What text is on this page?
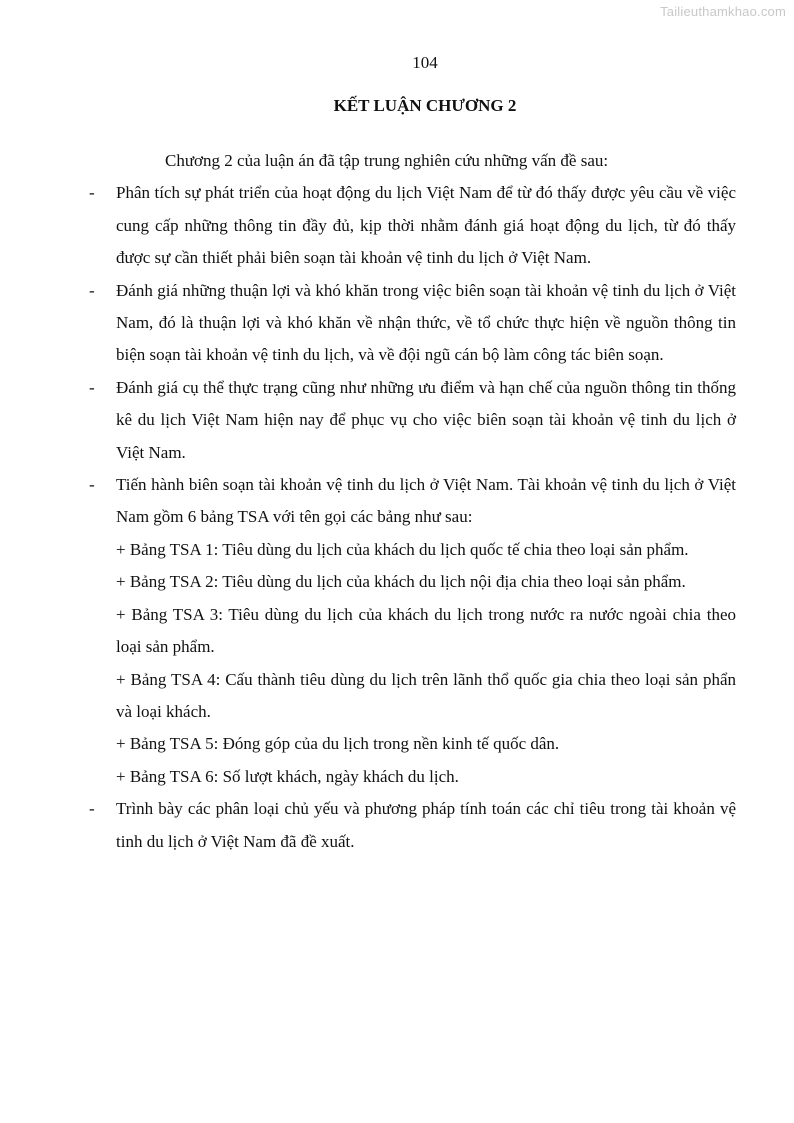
Tailieuthamkhao.com
104
KẾT LUẬN CHƯƠNG 2

Chương 2 của luận án đã tập trung nghiên cứu những vấn đề sau:

- Phân tích sự phát triển của hoạt động du lịch Việt Nam để từ đó thấy được yêu cầu về việc cung cấp những thông tin đầy đủ, kịp thời nhằm đánh giá hoạt động du lịch, từ đó thấy được sự cần thiết phải biên soạn tài khoản vệ tinh du lịch ở Việt Nam.
- Đánh giá những thuận lợi và khó khăn trong việc biên soạn tài khoản vệ tinh du lịch ở Việt Nam, đó là thuận lợi và khó khăn về nhận thức, về tổ chức thực hiện về nguồn thông tin biện soạn tài khoản vệ tinh du lịch, và về đội ngũ cán bộ làm công tác biên soạn.
- Đánh giá cụ thể thực trạng cũng như những ưu điểm và hạn chế của nguồn thông tin thống kê du lịch Việt Nam hiện nay để phục vụ cho việc biên soạn tài khoản vệ tinh du lịch ở Việt Nam.
- Tiến hành biên soạn tài khoản vệ tinh du lịch ở Việt Nam. Tài khoản vệ tinh du lịch ở Việt Nam gồm 6 bảng TSA với tên gọi các bảng như sau:

+ Bảng TSA 1: Tiêu dùng du lịch của khách du lịch quốc tế chia theo loại sản phẩm.

+ Bảng TSA 2: Tiêu dùng du lịch của khách du lịch nội địa chia theo loại sản phẩm.

+ Bảng TSA 3: Tiêu dùng du lịch của khách du lịch trong nước ra nước ngoài chia theo loại sản phẩm.

+ Bảng TSA 4: Cấu thành tiêu dùng du lịch trên lãnh thổ quốc gia chia theo loại sản phẩn và loại khách.

+ Bảng TSA 5: Đóng góp của du lịch trong nền kinh tế quốc dân.

+ Bảng TSA 6: Số lượt khách, ngày khách du lịch.

- Trình bày các phân loại chủ yếu và phương pháp tính toán các chỉ tiêu trong tài khoản vệ tinh du lịch ở Việt Nam đã đề xuất.
